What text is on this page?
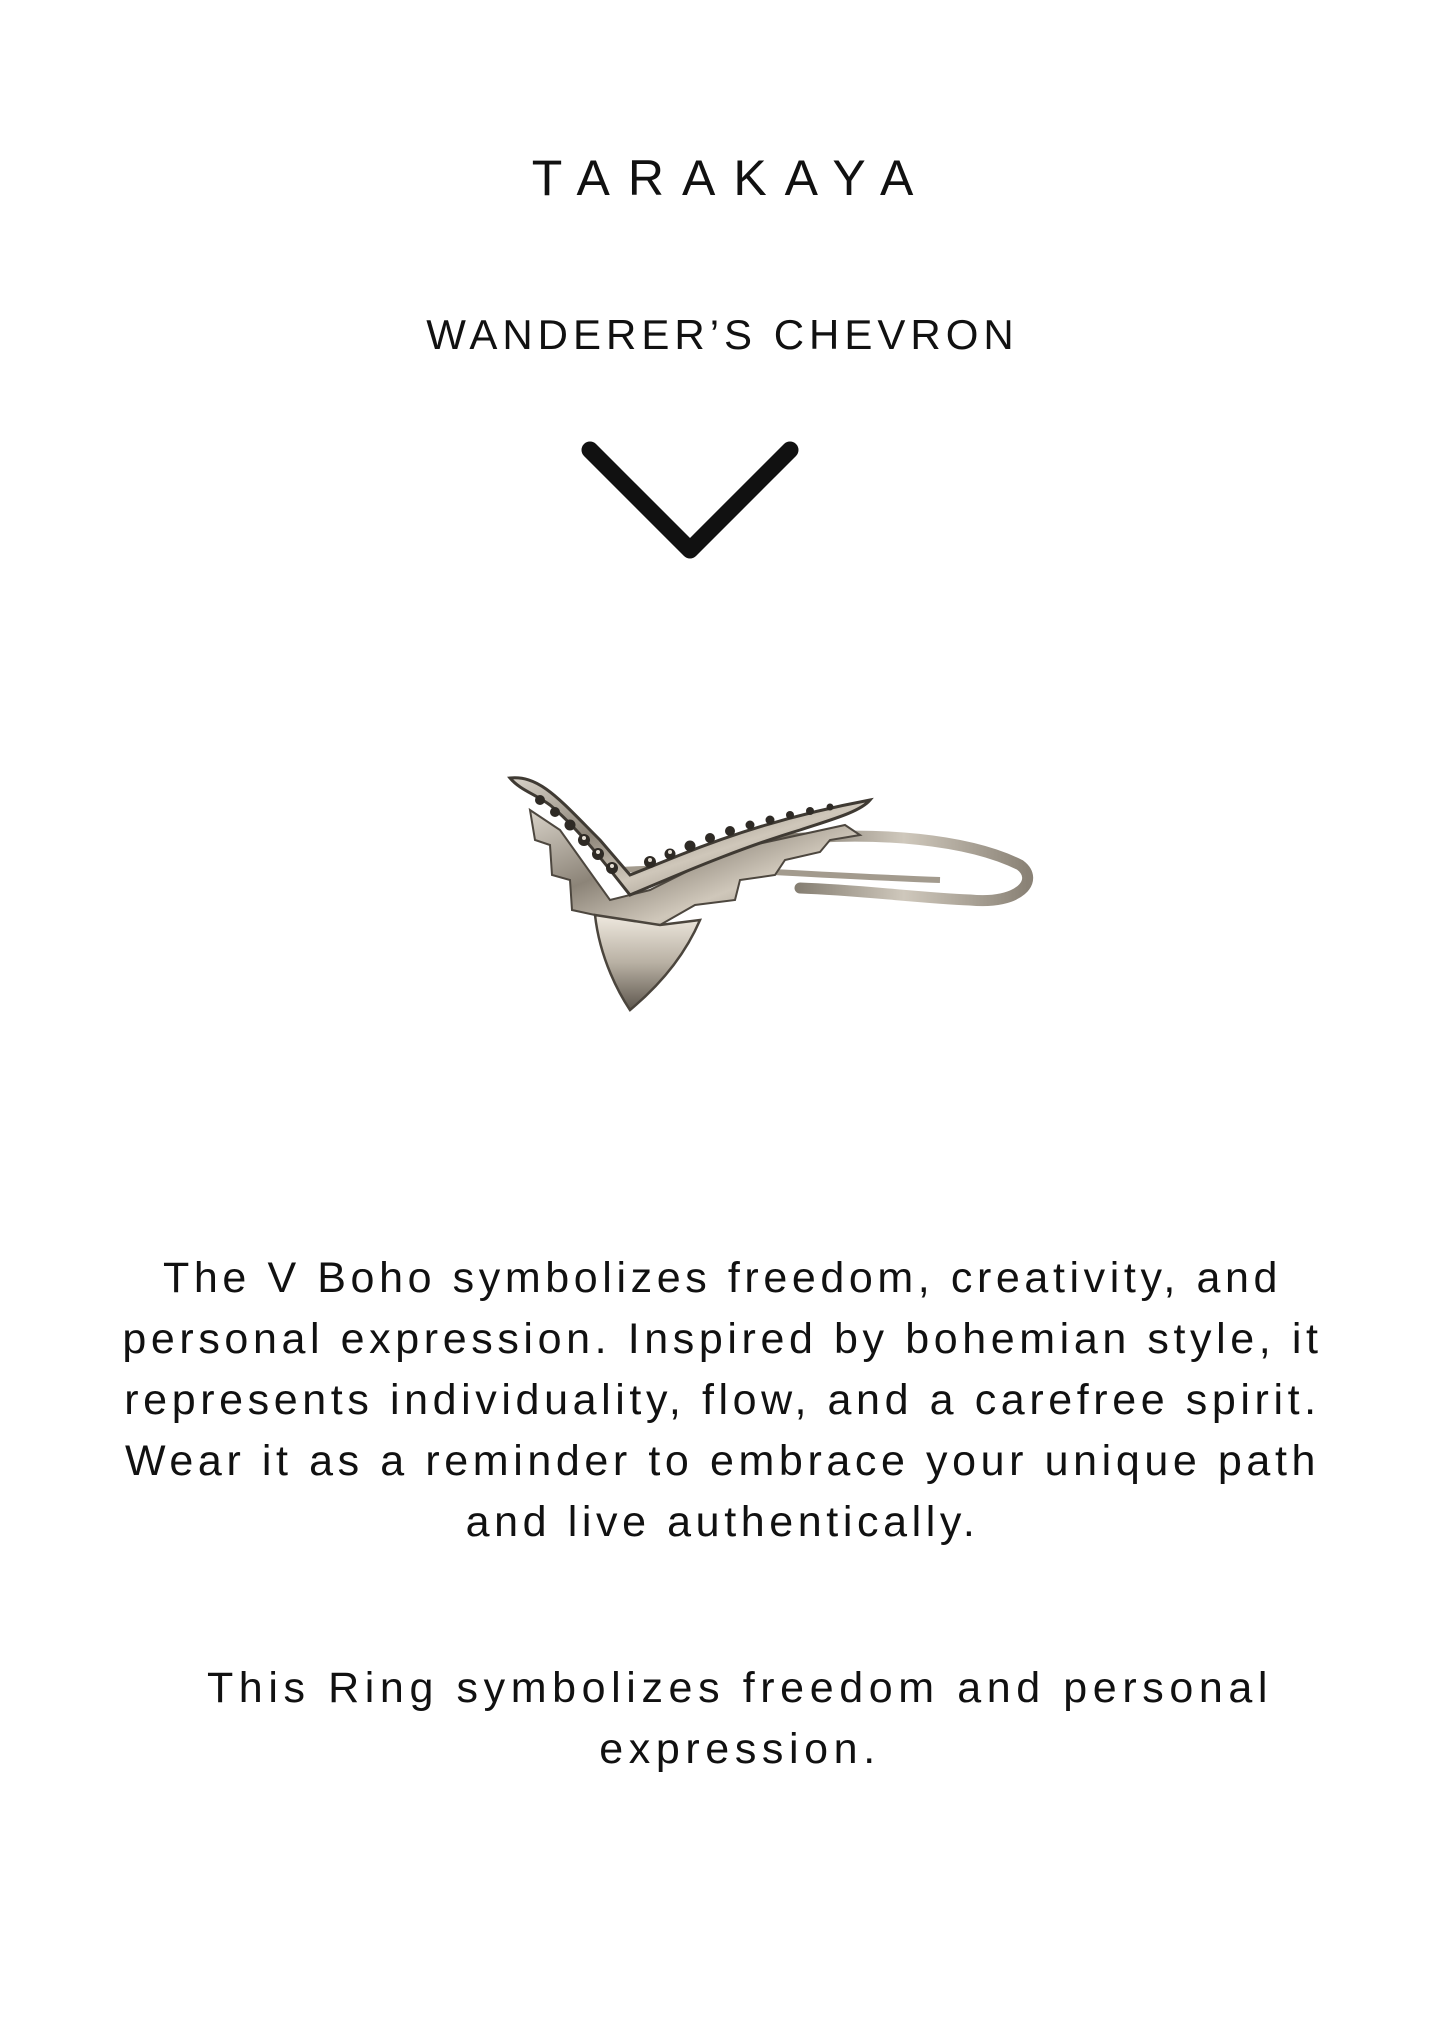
TARAKAYA
WANDERER’S CHEVRON

The V Boho symbolizes freedom, creativity, and personal expression. Inspired by bohemian style, it represents individuality, flow, and a carefree spirit. Wear it as a reminder to embrace your unique path and live authentically.

This Ring symbolizes freedom and personal expression.
